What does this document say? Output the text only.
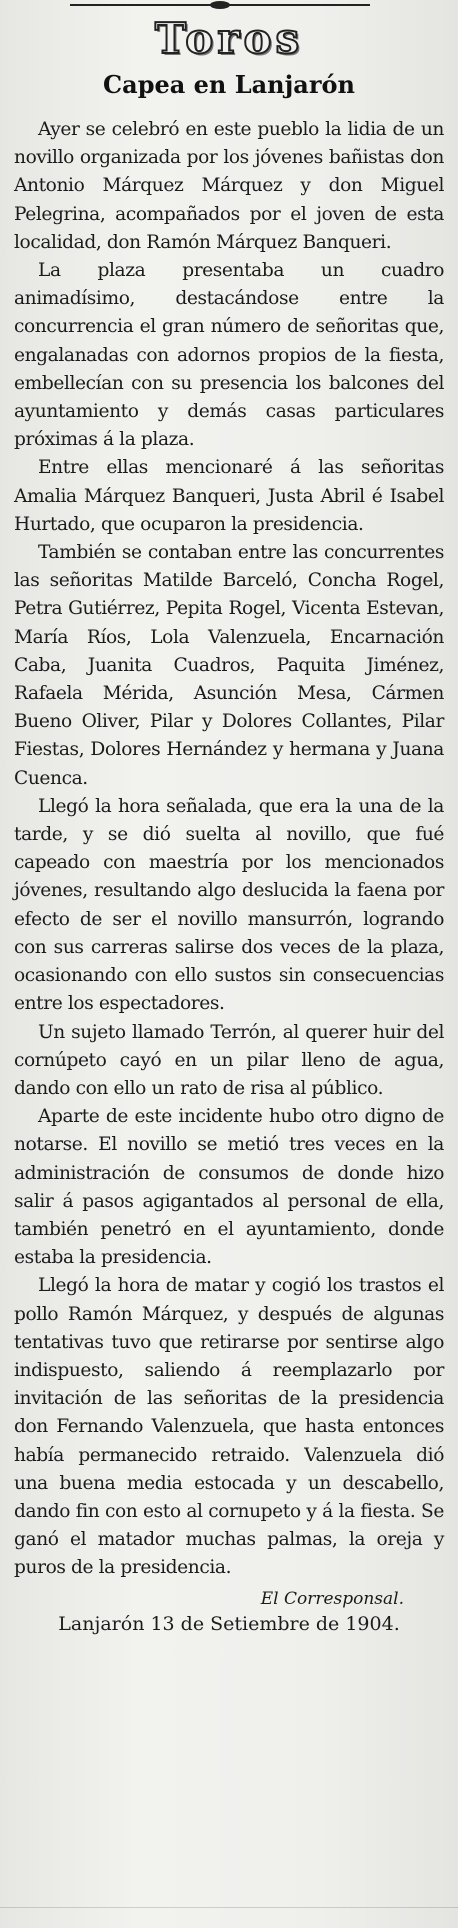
Toros
Capea en Lanjarón

Ayer se celebró en este pueblo la lidia de un novillo organizada por los jóvenes bañistas don Antonio Márquez Márquez y don Miguel Pelegrina, acompañados por el joven de esta localidad, don Ramón Márquez Banqueri.

La plaza presentaba un cuadro animadísimo, destacándose entre la concurrencia el gran número de señoritas que, engalanadas con adornos propios de la fiesta, embellecían con su presencia los balcones del ayuntamiento y demás casas particulares próximas á la plaza.

Entre ellas mencionaré á las señoritas Amalia Márquez Banqueri, Justa Abril é Isabel Hurtado, que ocuparon la presidencia.

También se contaban entre las concurrentes las señoritas Matilde Barceló, Concha Rogel, Petra Gutiérrez, Pepita Rogel, Vicenta Estevan, María Ríos, Lola Valenzuela, Encarnación Caba, Juanita Cuadros, Paquita Jiménez, Rafaela Mérida, Asunción Mesa, Cármen Bueno Oliver, Pilar y Dolores Collantes, Pilar Fiestas, Dolores Hernández y hermana y Juana Cuenca.

Llegó la hora señalada, que era la una de la tarde, y se dió suelta al novillo, que fué capeado con maestría por los mencionados jóvenes, resultando algo deslucida la faena por efecto de ser el novillo mansurrón, logrando con sus carreras salirse dos veces de la plaza, ocasionando con ello sustos sin consecuencias entre los espectadores.

Un sujeto llamado Terrón, al querer huir del cornúpeto cayó en un pilar lleno de agua, dando con ello un rato de risa al público.

Aparte de este incidente hubo otro digno de notarse. El novillo se metió tres veces en la administración de consumos de donde hizo salir á pasos agigantados al personal de ella, también penetró en el ayuntamiento, donde estaba la presidencia.

Llegó la hora de matar y cogió los trastos el pollo Ramón Márquez, y después de algunas tentativas tuvo que retirarse por sentirse algo indispuesto, saliendo á reemplazarlo por invitación de las señoritas de la presidencia don Fernando Valenzuela, que hasta entonces había permanecido retraido. Valenzuela dió una buena media estocada y un descabello, dando fin con esto al cornupeto y á la fiesta. Se ganó el matador muchas palmas, la oreja y puros de la presidencia.

El Corresponsal.
Lanjarón 13 de Setiembre de 1904.
